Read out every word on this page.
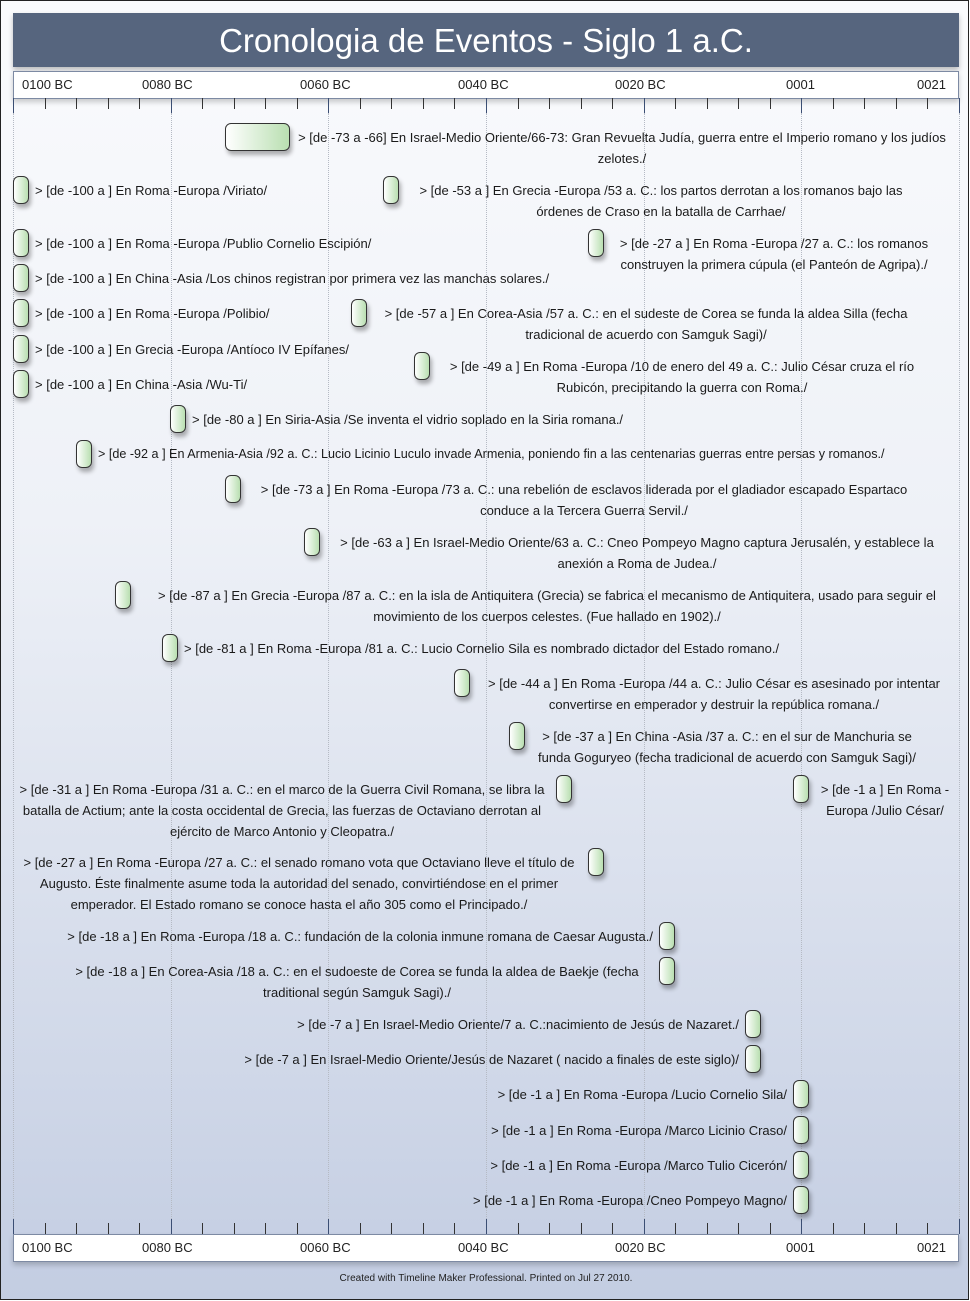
Cronologia de Eventos - Siglo 1 a.C.
0100 BC	0080 BC	0060 BC	0040 BC	0020 BC	0001	0021
0100 BC	0080 BC	0060 BC	0040 BC	0020 BC	0001	0021
> [de -73 a -66] En Israel-Medio Oriente/66-73: Gran Revuelta Judía, guerra entre el Imperio romano y los judíos zelotes./
> [de -100 a ] En Roma -Europa /Viriato/	> [de -53 a ] En Grecia -Europa /53 a. C.: los partos derrotan a los romanos bajo las órdenes de Craso en la batalla de Carrhae/
> [de -100 a ] En Roma -Europa /Publio Cornelio Escipión/	> [de -27 a ] En Roma -Europa /27 a. C.: los romanos construyen la primera cúpula (el Panteón de Agripa)./
> [de -100 a ] En China -Asia /Los chinos registran por primera vez las manchas solares./
> [de -100 a ] En Roma -Europa /Polibio/	> [de -57 a ] En Corea-Asia /57 a. C.: en el sudeste de Corea se funda la aldea Silla (fecha tradicional de acuerdo con Samguk Sagi)/
> [de -100 a ] En Grecia -Europa /Antíoco IV Epífanes/
> [de -49 a ] En Roma -Europa /10 de enero del 49 a. C.: Julio César cruza el río Rubicón, precipitando la guerra con Roma./
> [de -100 a ] En China -Asia /Wu-Ti/
> [de -80 a ] En Siria-Asia /Se inventa el vidrio soplado en la Siria romana./
> [de -92 a ] En Armenia-Asia /92 a. C.: Lucio Licinio Luculo invade Armenia, poniendo fin a las centenarias guerras entre persas y romanos./
> [de -73 a ] En Roma -Europa /73 a. C.: una rebelión de esclavos liderada por el gladiador escapado Espartaco conduce a la Tercera Guerra Servil./
> [de -63 a ] En Israel-Medio Oriente/63 a. C.: Cneo Pompeyo Magno captura Jerusalén, y establece la anexión a Roma de Judea./
> [de -87 a ] En Grecia -Europa /87 a. C.: en la isla de Antiquitera (Grecia) se fabrica el mecanismo de Antiquitera, usado para seguir el movimiento de los cuerpos celestes. (Fue hallado en 1902)./
> [de -81 a ] En Roma -Europa /81 a. C.: Lucio Cornelio Sila es nombrado dictador del Estado romano./
> [de -44 a ] En Roma -Europa /44 a. C.: Julio César es asesinado por intentar convertirse en emperador y destruir la república romana./
> [de -37 a ] En China -Asia /37 a. C.: en el sur de Manchuria se funda Goguryeo (fecha tradicional de acuerdo con Samguk Sagi)/
> [de -31 a ] En Roma -Europa /31 a. C.: en el marco de la Guerra Civil Romana, se libra la batalla de Actium; ante la costa occidental de Grecia, las fuerzas de Octaviano derrotan al ejército de Marco Antonio y Cleopatra./
> [de -1 a ] En Roma - Europa /Julio César/
> [de -27 a ] En Roma -Europa /27 a. C.: el senado romano vota que Octaviano lleve el título de Augusto. Éste finalmente asume toda la autoridad del senado, convirtiéndose en el primer emperador. El Estado romano se conoce hasta el año 305 como el Principado./
> [de -18 a ] En Roma -Europa /18 a. C.: fundación de la colonia inmune romana de Caesar Augusta./
> [de -18 a ] En Corea-Asia /18 a. C.: en el sudoeste de Corea se funda la aldea de Baekje (fecha traditional según Samguk Sagi)./
> [de -7 a ] En Israel-Medio Oriente/7 a. C.:nacimiento de Jesús de Nazaret./
> [de -7 a ] En Israel-Medio Oriente/Jesús de Nazaret ( nacido a finales de este siglo)/
> [de -1 a ] En Roma -Europa /Lucio Cornelio Sila/
> [de -1 a ] En Roma -Europa /Marco Licinio Craso/
> [de -1 a ] En Roma -Europa /Marco Tulio Cicerón/
> [de -1 a ] En Roma -Europa /Cneo Pompeyo Magno/
Created with Timeline Maker Professional. Printed on Jul 27 2010.
